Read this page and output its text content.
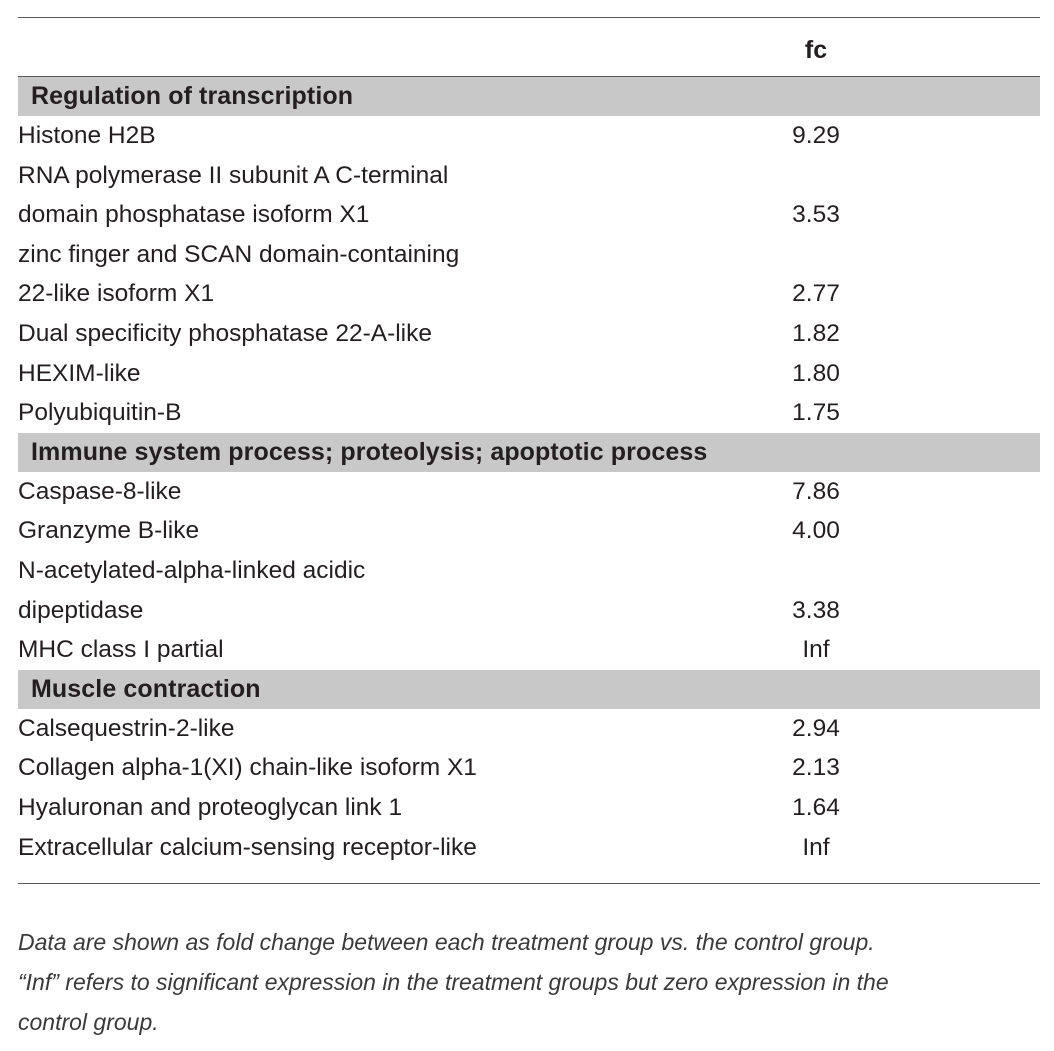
fc
Regulation of transcription
Histone H2B	9.29
RNA polymerase II subunit A C-terminal
domain phosphatase isoform X1	3.53
zinc finger and SCAN domain-containing
22-like isoform X1	2.77
Dual specificity phosphatase 22-A-like	1.82
HEXIM-like	1.80
Polyubiquitin-B	1.75
Immune system process; proteolysis; apoptotic process
Caspase-8-like	7.86
Granzyme B-like	4.00
N-acetylated-alpha-linked acidic
dipeptidase	3.38
MHC class I partial	Inf
Muscle contraction
Calsequestrin-2-like	2.94
Collagen alpha-1(XI) chain-like isoform X1	2.13
Hyaluronan and proteoglycan link 1	1.64
Extracellular calcium-sensing receptor-like	Inf

Data are shown as fold change between each treatment group vs. the control group.

“Inf” refers to significant expression in the treatment groups but zero expression in the

control group.
